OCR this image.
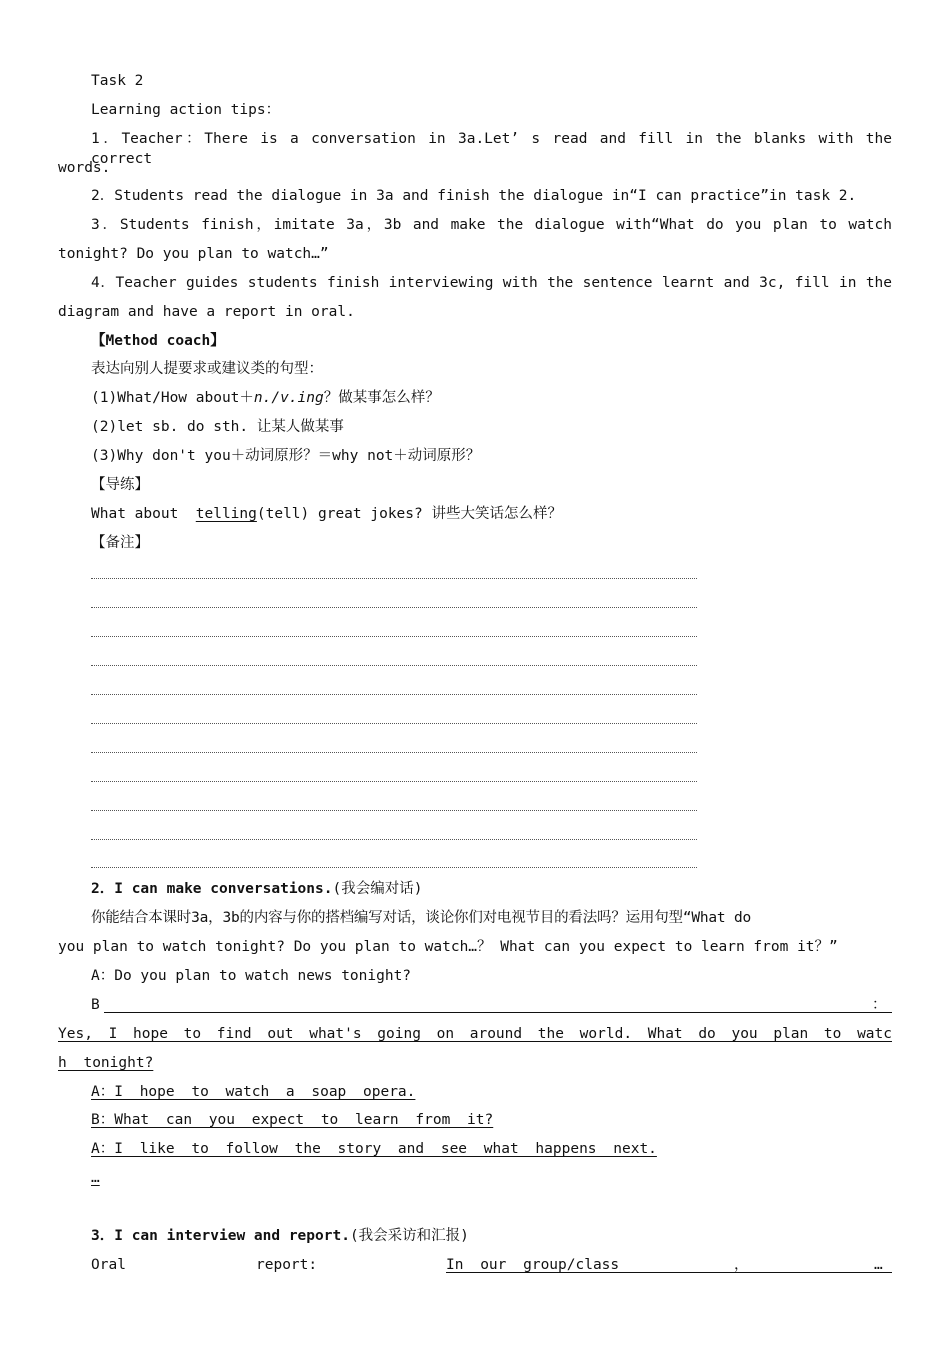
Task 2
Learning action tips：
1．Teacher：There is a conversation in 3a.Let’ s read and fill in the blanks with the correct
words.
2．Students read the dialogue in 3a and finish the dialogue in“I can practice”in task 2.
3．Students finish，imitate 3a，3b and make the dialogue with“What do you plan to watch
tonight? Do you plan to watch…”
4．Teacher guides students finish interviewing with the sentence learnt and 3c, fill in the
diagram and have a report in oral.
【Method coach】
表达向别人提要求或建议类的句型：
(1)What/How about＋n./v.ing？做某事怎么样？
(2)let sb. do sth. 让某人做某事
(3)Why don't you＋动词原形？＝why not＋动词原形？
【导练】
What about  telling(tell) great jokes? 讲些大笑话怎么样？
【备注】
2．I can make conversations.(我会编对话)
你能结合本课时3a，3b的内容与你的搭档编写对话，谈论你们对电视节目的看法吗？运用句型“What do
you plan to watch tonight? Do you plan to watch…？ What can you expect to learn from it？”
A：Do you plan to watch news tonight?
B	：
Yes, I hope to find out what's going on around the world. What do you plan to watc
h tonight?
A：I hope to watch a soap opera.
B：What can you expect to learn from it?
A：I like to follow the story and see what happens next.
…
3．I can interview and report.(我会采访和汇报)
Oral	report:	In our group/class	，	…
